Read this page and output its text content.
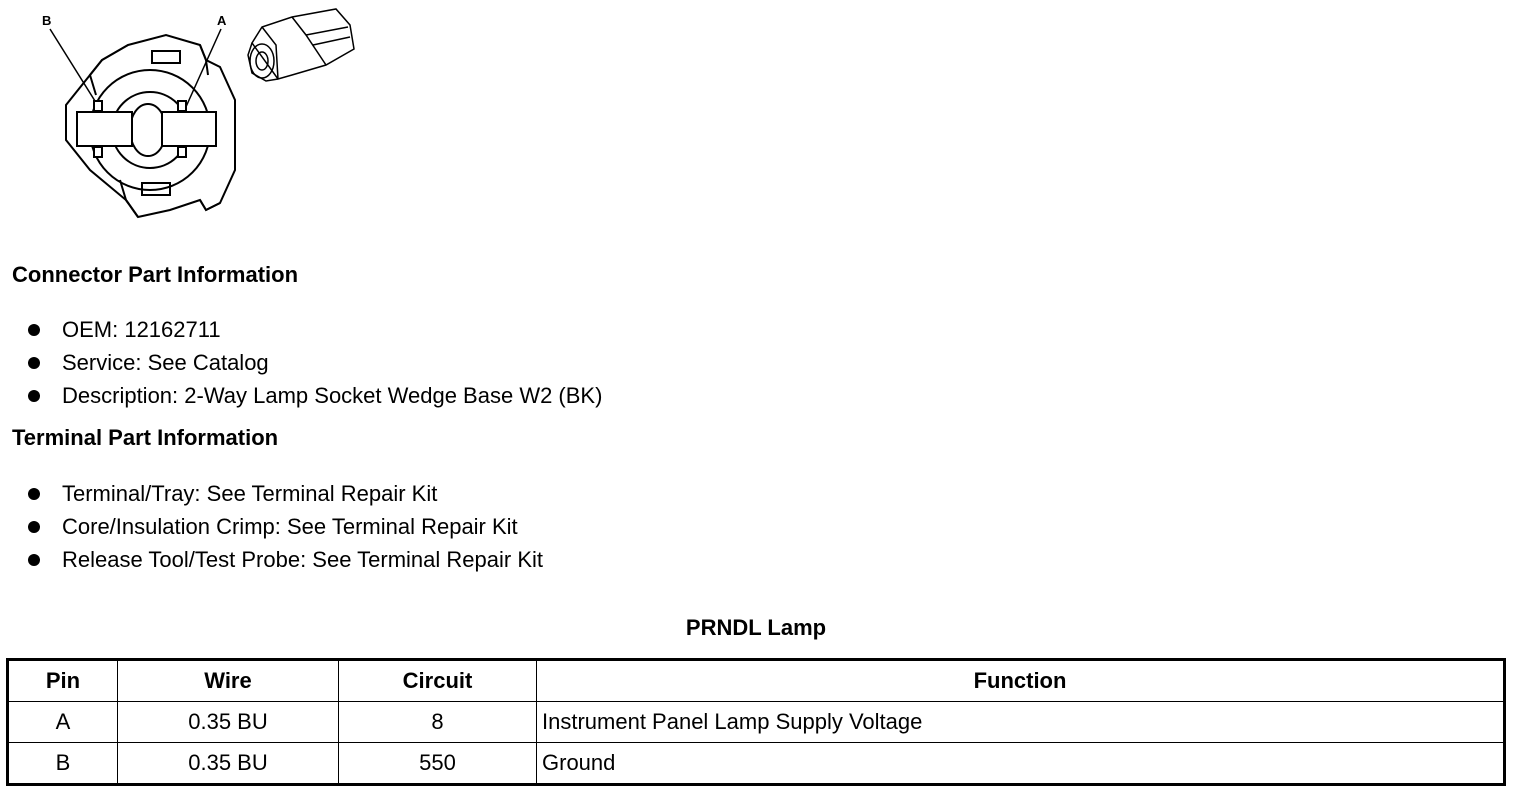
B	A
Connector Part Information
OEM: 12162711
Service: See Catalog
Description: 2-Way Lamp Socket Wedge Base W2 (BK)
Terminal Part Information
Terminal/Tray: See Terminal Repair Kit
Core/Insulation Crimp: See Terminal Repair Kit
Release Tool/Test Probe: See Terminal Repair Kit
PRNDL Lamp
Pin	Wire	Circuit	Function
A	0.35 BU	8	Instrument Panel Lamp Supply Voltage
B	0.35 BU	550	Ground
